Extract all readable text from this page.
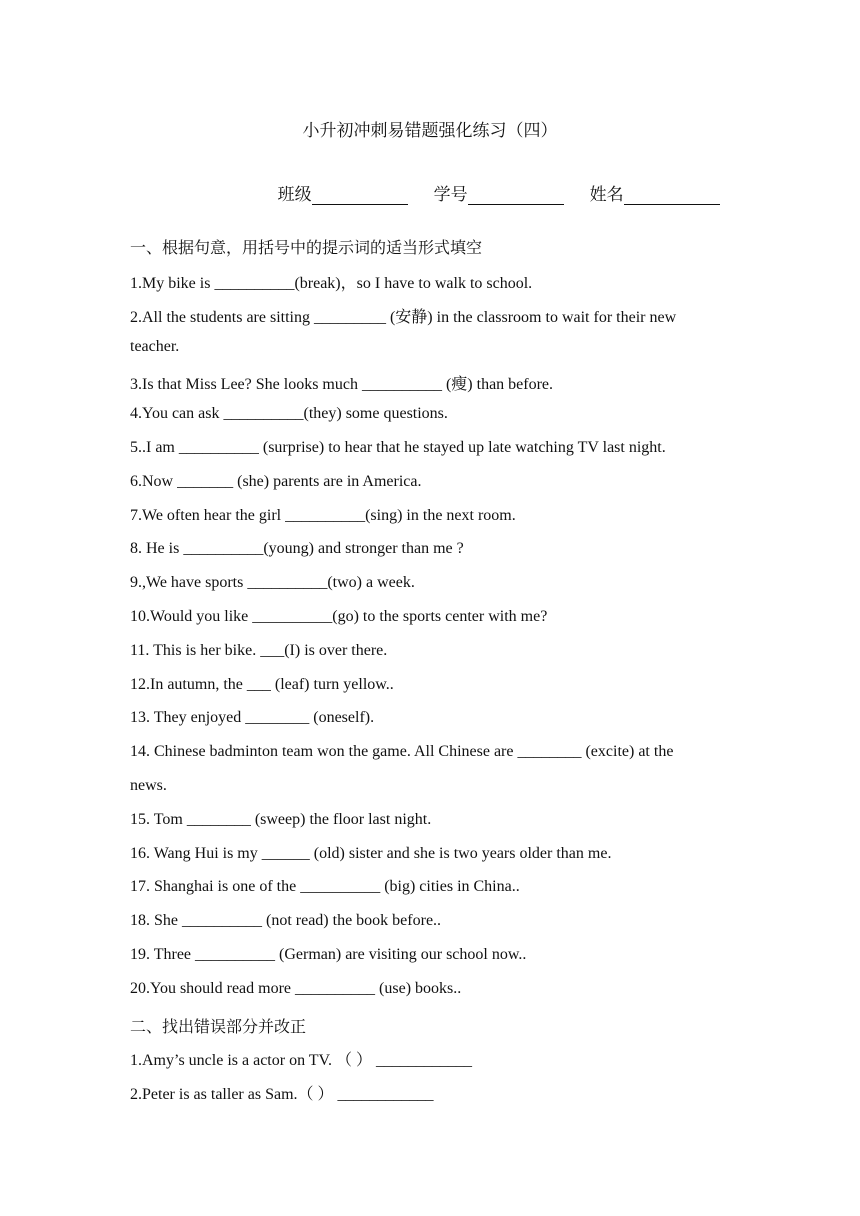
小升初冲刺易错题强化练习（四）

班级	学号	姓名

一、根据句意，用括号中的提示词的适当形式填空
1.My bike is __________(break)，so I have to walk to school.
2.All the students are sitting _________ (安静) in the classroom to wait for their new
teacher.
3.Is that Miss Lee? She looks much __________ (瘦) than before.
4.You can ask __________(they) some questions.
5..I am __________ (surprise) to hear that he stayed up late watching TV last night.
6.Now _______ (she) parents are in America.
7.We often hear the girl __________(sing) in the next room.
8. He is __________(young) and stronger than me ?
9.,We have sports __________(two) a week.
10.Would you like __________(go) to the sports center with me?
11. This is her bike. ___(I) is over there.
12.In autumn, the ___ (leaf) turn yellow..
13. They enjoyed ________ (oneself).
14. Chinese badminton team won the game. All Chinese are ________ (excite) at the
news.
15. Tom ________ (sweep) the floor last night.
16. Wang Hui is my ______ (old) sister and she is two years older than me.
17. Shanghai is one of the __________ (big) cities in China..
18. She __________ (not read) the book before..
19. Three __________ (German) are visiting our school now..
20.You should read more __________ (use) books..
二、找出错误部分并改正
1.Amy’s uncle is a actor on TV. （ ） ____________
2.Peter is as taller as Sam.（ ） ____________
